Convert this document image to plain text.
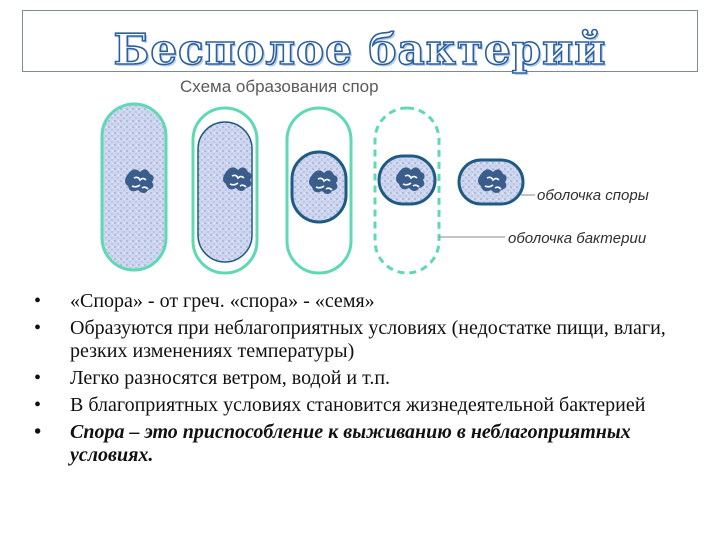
Бесполое бактерий
Схема образования спор
оболочка споры
оболочка бактерии
• «Спора» - от греч. «спора» - «семя»
• Образуются при неблагоприятных условиях (недостатке пищи, влаги, резких изменениях температуры)
• Легко разносятся ветром, водой и т.п.
• В благоприятных условиях становится жизнедеятельной бактерией
• Спора – это приспособление к выживанию в неблагоприятных условиях.
